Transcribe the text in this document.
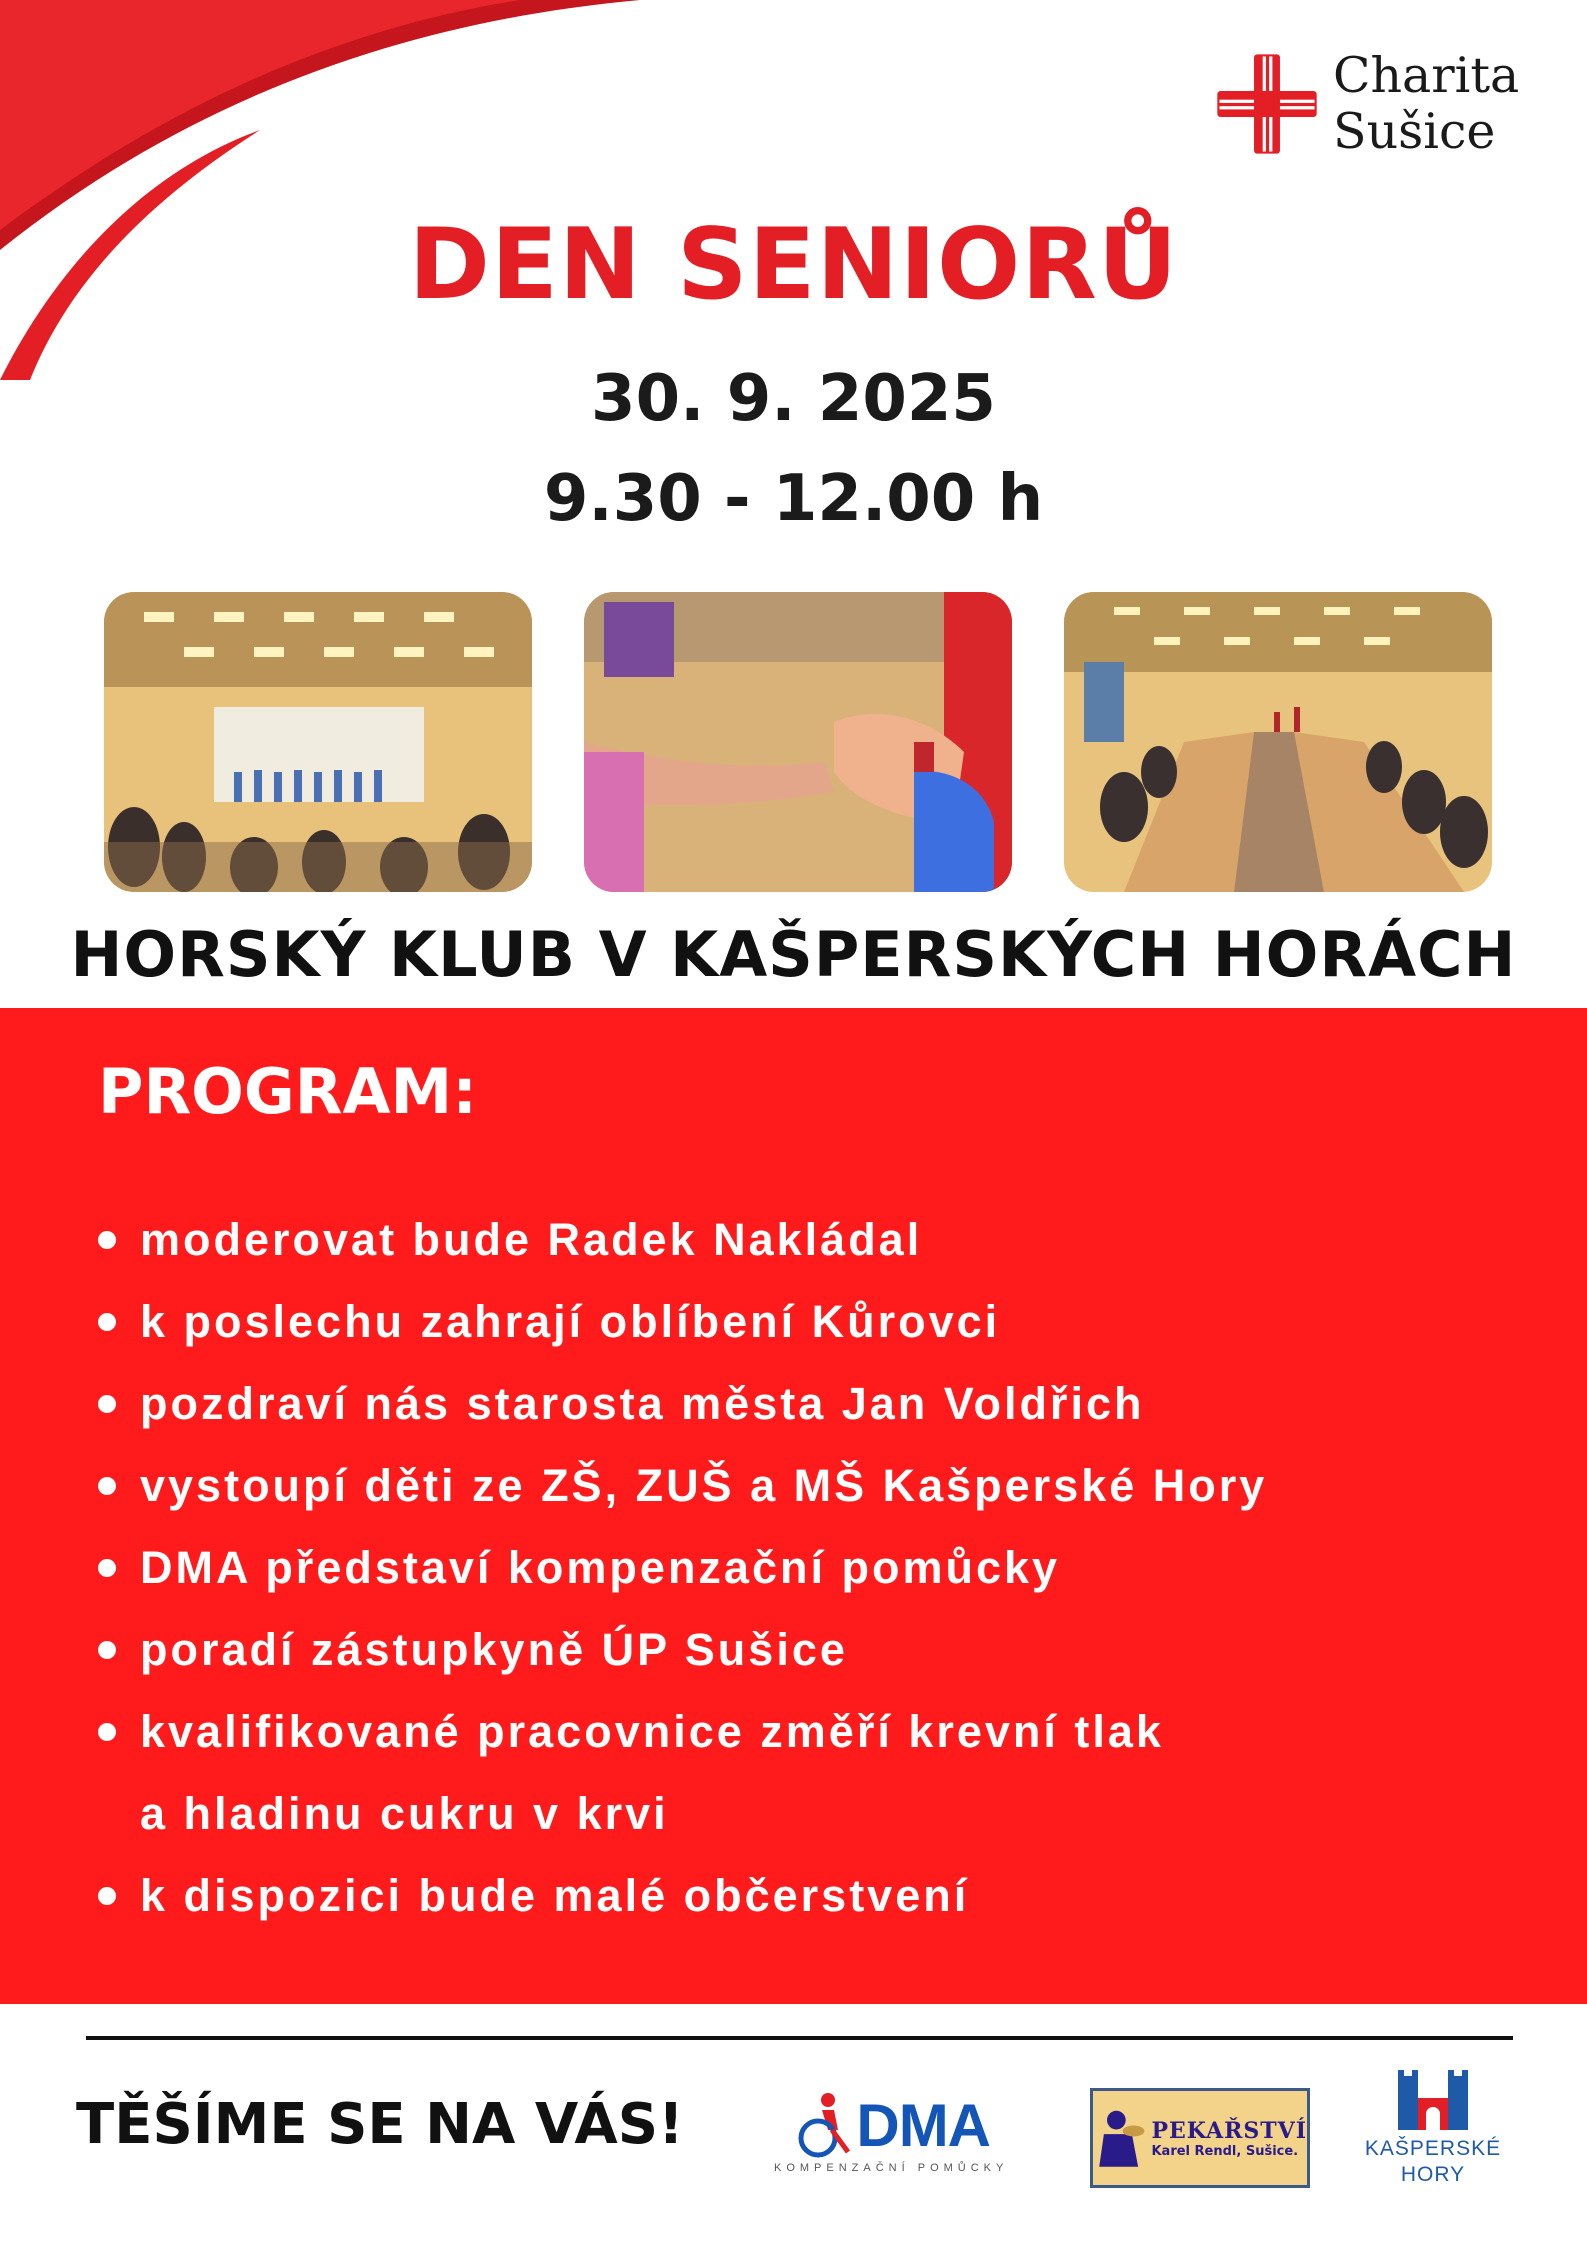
Charita
Sušice
DEN SENIORŮ

30. 9. 2025

9.30 - 12.00 h

HORSKÝ KLUB V KAŠPERSKÝCH HORÁCH
PROGRAM:
moderovat bude Radek Nakládal
k poslechu zahrají oblíbení Kůrovci
pozdraví nás starosta města Jan Voldřich
vystoupí děti ze ZŠ, ZUŠ a MŠ Kašperské Hory
DMA představí kompenzační pomůcky
poradí zástupkyně ÚP Sušice
kvalifikované pracovnice změří krevní tlak
a hladinu cukru v krvi
k dispozici bude malé občerstvení

TĚŠÍME SE NA VÁS!	DMA
KOMPENZAČNÍ POMŮCKY
PEKAŘSTVÍ
Karel Rendl, Sušice.	KAŠPERSKÉ
HORY
